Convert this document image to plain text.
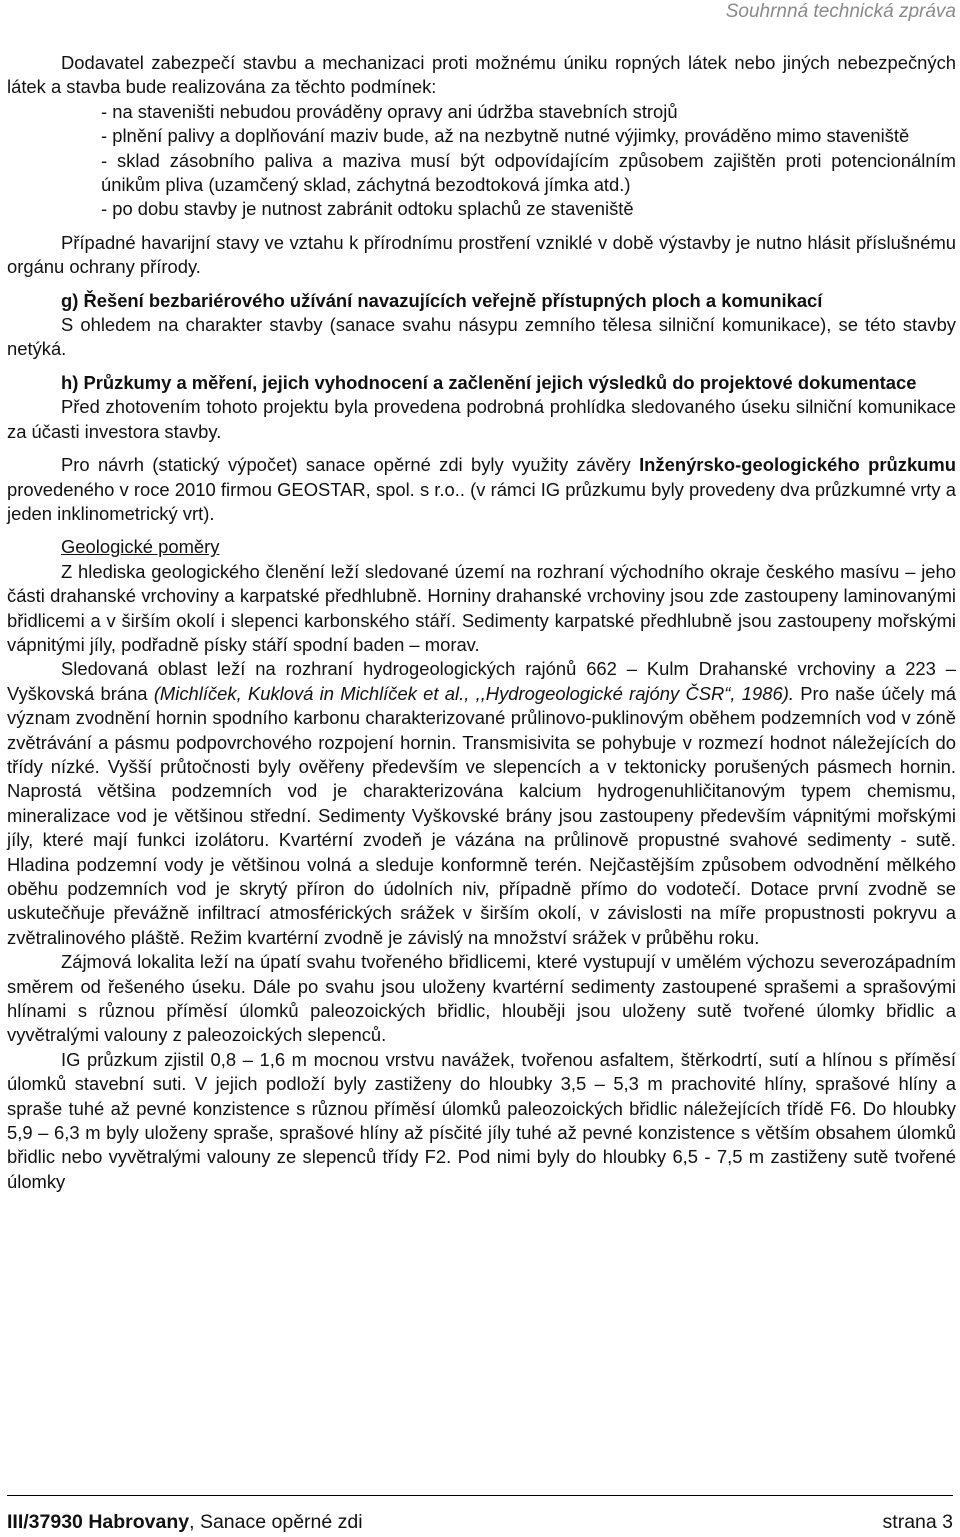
Souhrnná technická zpráva

Dodavatel zabezpečí stavbu a mechanizaci proti možnému úniku ropných látek nebo jiných nebezpečných látek a stavba bude realizována za těchto podmínek:

- na staveništi nebudou prováděny opravy ani údržba stavebních strojů

- plnění palivy a doplňování maziv bude, až na nezbytně nutné výjimky, prováděno mimo staveniště

- sklad zásobního paliva a maziva musí být odpovídajícím způsobem zajištěn proti potencionálním únikům pliva (uzamčený sklad, záchytná bezodtoková jímka atd.)

- po dobu stavby je nutnost zabránit odtoku splachů ze staveniště

Případné havarijní stavy ve vztahu k přírodnímu prostření vzniklé v době výstavby je nutno hlásit příslušnému orgánu ochrany přírody.

g) Řešení bezbariérového užívání navazujících veřejně přístupných ploch a komunikací

S ohledem na charakter stavby (sanace svahu násypu zemního tělesa silniční komunikace), se této stavby netýká.

h) Průzkumy a měření, jejich vyhodnocení a začlenění jejich výsledků do projektové dokumentace

Před zhotovením tohoto projektu byla provedena podrobná prohlídka sledovaného úseku silniční komunikace za účasti investora stavby.

Pro návrh (statický výpočet) sanace opěrné zdi byly využity závěry Inženýrsko-geologického průzkumu provedeného v roce 2010 firmou GEOSTAR, spol. s r.o.. (v rámci IG průzkumu byly provedeny dva průzkumné vrty a jeden inklinometrický vrt).

Geologické poměry

Z hlediska geologického členění leží sledované území na rozhraní východního okraje českého masívu – jeho části drahanské vrchoviny a karpatské předhlubně. Horniny drahanské vrchoviny jsou zde zastoupeny laminovanými břidlicemi a v širším okolí i slepenci karbonského stáří. Sedimenty karpatské předhlubně jsou zastoupeny mořskými vápnitými jíly, podřadně písky stáří spodní baden – morav.

Sledovaná oblast leží na rozhraní hydrogeologických rajónů 662 – Kulm Drahanské vrchoviny a 223 – Vyškovská brána (Michlíček, Kuklová in Michlíček et al., ,,Hydrogeologické rajóny ČSR“, 1986). Pro naše účely má význam zvodnění hornin spodního karbonu charakterizované průlinovo-puklinovým oběhem podzemních vod v zóně zvětrávání a pásmu podpovrchového rozpojení hornin. Transmisivita se pohybuje v rozmezí hodnot náležejících do třídy nízké. Vyšší průtočnosti byly ověřeny především ve slepencích a v tektonicky porušených pásmech hornin. Naprostá většina podzemních vod je charakterizována kalcium hydrogenuhličitanovým typem chemismu, mineralizace vod je většinou střední. Sedimenty Vyškovské brány jsou zastoupeny především vápnitými mořskými jíly, které mají funkci izolátoru. Kvartérní zvodeň je vázána na průlinově propustné svahové sedimenty - sutě. Hladina podzemní vody je většinou volná a sleduje konformně terén. Nejčastějším způsobem odvodnění mělkého oběhu podzemních vod je skrytý příron do údolních niv, případně přímo do vodotečí. Dotace první zvodně se uskutečňuje převážně infiltrací atmosférických srážek v širším okolí, v závislosti na míře propustnosti pokryvu a zvětralinového pláště. Režim kvartérní zvodně je závislý na množství srážek v průběhu roku.

Zájmová lokalita leží na úpatí svahu tvořeného břidlicemi, které vystupují v umělém výchozu severozápadním směrem od řešeného úseku. Dále po svahu jsou uloženy kvartérní sedimenty zastoupené sprašemi a sprašovými hlínami s různou příměsí úlomků paleozoických břidlic, hlouběji jsou uloženy sutě tvořené úlomky břidlic a vyvětralými valouny z paleozoických slepenců.

IG průzkum zjistil 0,8 – 1,6 m mocnou vrstvu navážek, tvořenou asfaltem, štěrkodrtí, sutí a hlínou s příměsí úlomků stavební suti. V jejich podloží byly zastiženy do hloubky 3,5 – 5,3 m prachovité hlíny, sprašové hlíny a spraše tuhé až pevné konzistence s různou příměsí úlomků paleozoických břidlic náležejících třídě F6. Do hloubky 5,9 – 6,3 m byly uloženy spraše, sprašové hlíny až písčité jíly tuhé až pevné konzistence s větším obsahem úlomků břidlic nebo vyvětralými valouny ze slepenců třídy F2. Pod nimi byly do hloubky 6,5 - 7,5 m zastiženy sutě tvořené úlomky

III/37930 Habrovany, Sanace opěrné zdi	strana 3
